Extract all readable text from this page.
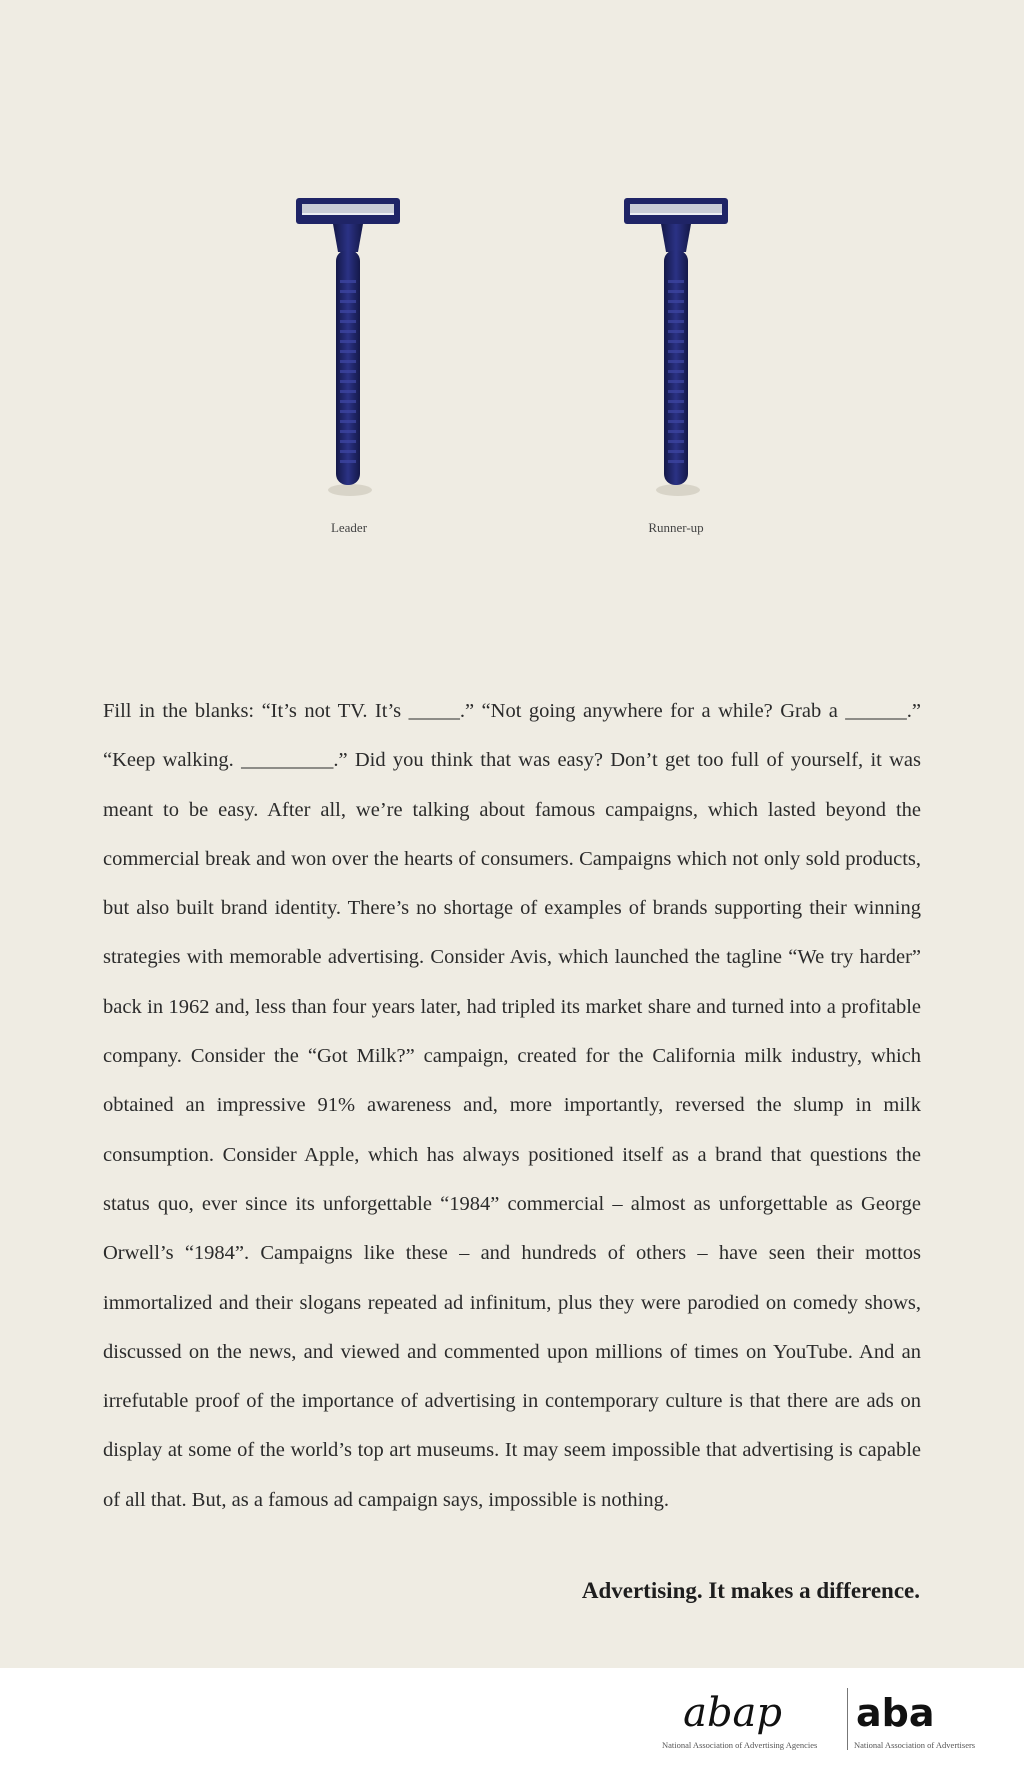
Leader	Runner-up
Fill in the blanks: “It’s not TV. It’s _____.” “Not going anywhere for a while? Grab a ______.” “Keep walking. _________.” Did you think that was easy? Don’t get too full of yourself, it was meant to be easy. After all, we’re talking about famous campaigns, which lasted beyond the commercial break and won over the hearts of consumers. Campaigns which not only sold products, but also built brand identity. There’s no shortage of examples of brands supporting their winning strategies with memorable advertising. Consider Avis, which launched the tagline “We try harder” back in 1962 and, less than four years later, had tripled its market share and turned into a profitable company. Consider the “Got Milk?” campaign, created for the California milk industry, which obtained an impressive 91% awareness and, more importantly, reversed the slump in milk consumption. Consider Apple, which has always positioned itself as a brand that questions the status quo, ever since its unforgettable “1984” commercial – almost as unforgettable as George Orwell’s “1984”. Campaigns like these – and hundreds of others – have seen their mottos immortalized and their slogans repeated ad infinitum, plus they were parodied on comedy shows, discussed on the news, and viewed and commented upon millions of times on YouTube. And an irrefutable proof of the importance of advertising in contemporary culture is that there are ads on display at some of the world’s top art museums. It may seem impossible that advertising is capable of all that. But, as a famous ad campaign says, impossible is nothing.
Advertising. It makes a difference.
abap
National Association of Advertising Agencies
aba
National Association of Advertisers
